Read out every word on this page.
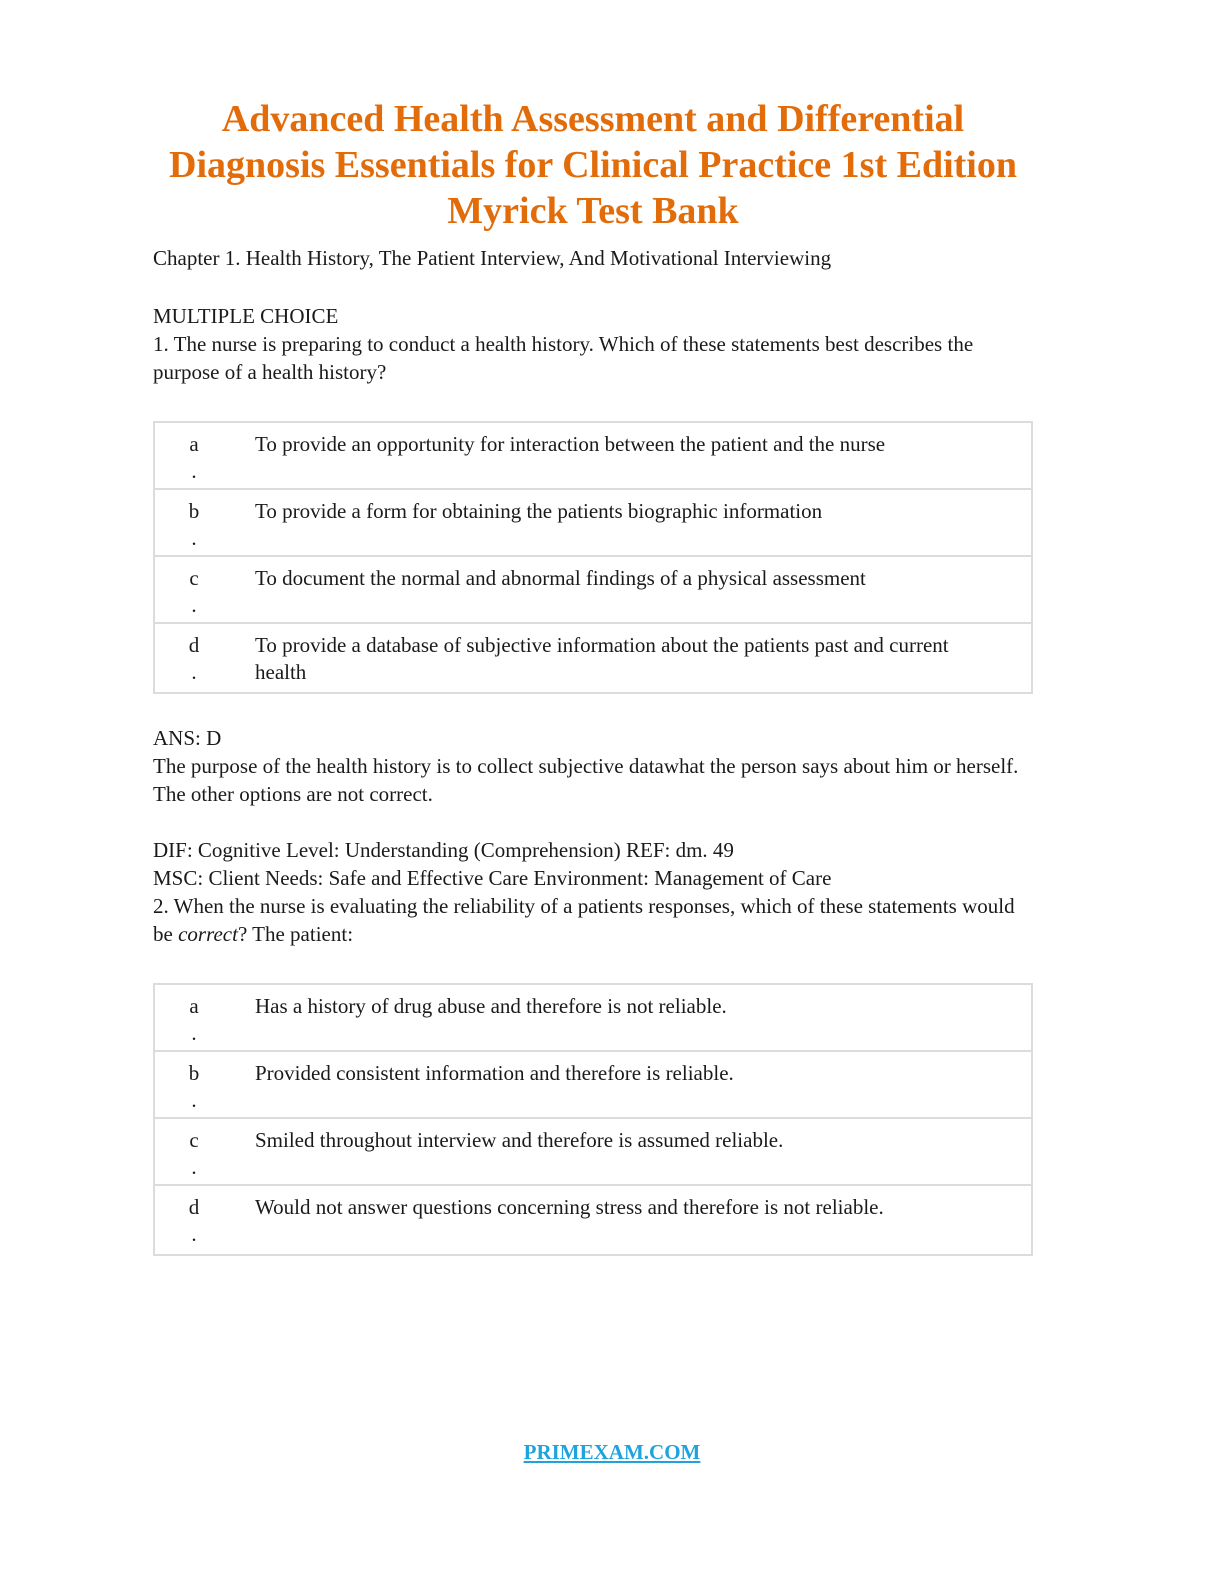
Advanced Health Assessment and Differential
Diagnosis Essentials for Clinical Practice 1st Edition
Myrick Test Bank
Chapter 1. Health History, The Patient Interview, And Motivational Interviewing
MULTIPLE CHOICE
1. The nurse is preparing to conduct a health history. Which of these statements best describes the purpose of a health history?
a
.
To provide an opportunity for interaction between the patient and the nurse
b
.
To provide a form for obtaining the patients biographic information
c
.
To document the normal and abnormal findings of a physical assessment
d
.
To provide a database of subjective information about the patients past and current health
ANS: D
The purpose of the health history is to collect subjective datawhat the person says about him or herself. The other options are not correct.
DIF: Cognitive Level: Understanding (Comprehension) REF: dm. 49
MSC: Client Needs: Safe and Effective Care Environment: Management of Care
2. When the nurse is evaluating the reliability of a patients responses, which of these statements would be correct? The patient:
a
.
Has a history of drug abuse and therefore is not reliable.
b
.
Provided consistent information and therefore is reliable.
c
.
Smiled throughout interview and therefore is assumed reliable.
d
.
Would not answer questions concerning stress and therefore is not reliable.
PRIMEXAM.COM
